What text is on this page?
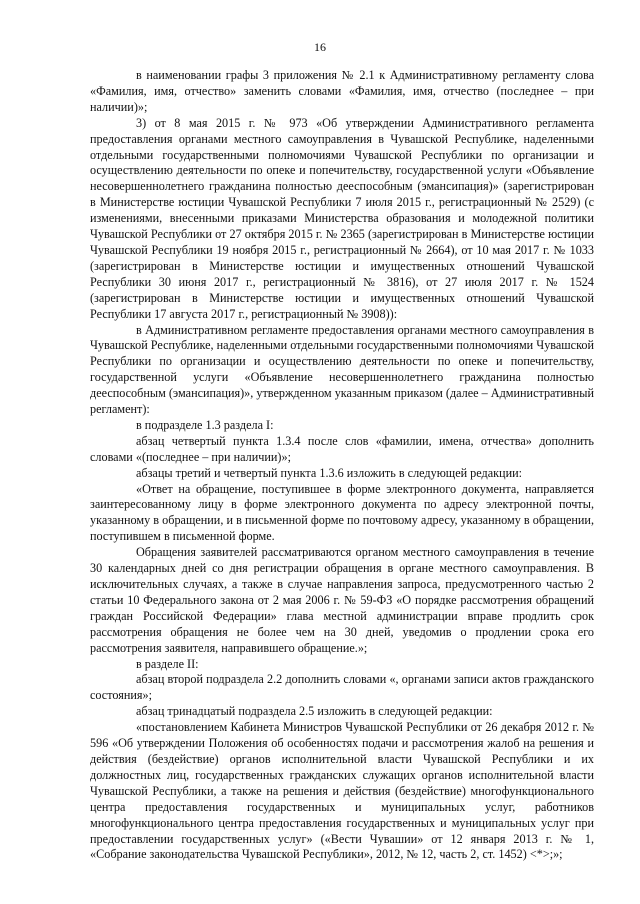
16

в наименовании графы 3 приложения № 2.1 к Административному регламенту слова «Фамилия, имя, отчество» заменить словами «Фамилия, имя, отчество (последнее – при наличии)»;

3) от 8 мая 2015 г. № 973 «Об утверждении Административного регламента предоставления органами местного самоуправления в Чувашской Республике, наделенными отдельными государственными полномочиями Чувашской Республики по организации и осуществлению деятельности по опеке и попечительству, государственной услуги «Объявление несовершеннолетнего гражданина полностью дееспособным (эмансипация)» (зарегистрирован в Министерстве юстиции Чувашской Республики 7 июля 2015 г., регистрационный № 2529) (с изменениями, внесенными приказами Министерства образования и молодежной политики Чувашской Республики от 27 октября 2015 г. № 2365 (зарегистрирован в Министерстве юстиции Чувашской Республики 19 ноября 2015 г., регистрационный № 2664), от 10 мая 2017 г. № 1033 (зарегистрирован в Министерстве юстиции и имущественных отношений Чувашской Республики 30 июня 2017 г., регистрационный № 3816), от 27 июля 2017 г. № 1524 (зарегистрирован в Министерстве юстиции и имущественных отношений Чувашской Республики 17 августа 2017 г., регистрационный № 3908)):

в Административном регламенте предоставления органами местного самоуправления в Чувашской Республике, наделенными отдельными государственными полномочиями Чувашской Республики по организации и осуществлению деятельности по опеке и попечительству, государственной услуги «Объявление несовершеннолетнего гражданина полностью дееспособным (эмансипация)», утвержденном указанным приказом (далее – Административный регламент):

в подразделе 1.3 раздела I:

абзац четвертый пункта 1.3.4 после слов «фамилии, имена, отчества» дополнить словами «(последнее – при наличии)»;

абзацы третий и четвертый пункта 1.3.6 изложить в следующей редакции:

«Ответ на обращение, поступившее в форме электронного документа, направляется заинтересованному лицу в форме электронного документа по адресу электронной почты, указанному в обращении, и в письменной форме по почтовому адресу, указанному в обращении, поступившем в письменной форме.

Обращения заявителей рассматриваются органом местного самоуправления в течение 30 календарных дней со дня регистрации обращения в органе местного самоуправления. В исключительных случаях, а также в случае направления запроса, предусмотренного частью 2 статьи 10 Федерального закона от 2 мая 2006 г. № 59-ФЗ «О порядке рассмотрения обращений граждан Российской Федерации» глава местной администрации вправе продлить срок рассмотрения обращения не более чем на 30 дней, уведомив о продлении срока его рассмотрения заявителя, направившего обращение.»;

в разделе II:

абзац второй подраздела 2.2 дополнить словами «, органами записи актов гражданского состояния»;

абзац тринадцатый подраздела 2.5 изложить в следующей редакции:

«постановлением Кабинета Министров Чувашской Республики от 26 декабря 2012 г. № 596 «Об утверждении Положения об особенностях подачи и рассмотрения жалоб на решения и действия (бездействие) органов исполнительной власти Чувашской Республики и их должностных лиц, государственных гражданских служащих органов исполнительной власти Чувашской Республики, а также на решения и действия (бездействие) многофункционального центра предоставления государственных и муниципальных услуг, работников многофункционального центра предоставления государственных и муниципальных услуг при предоставлении государственных услуг» («Вести Чувашии» от 12 января 2013 г. № 1, «Собрание законодательства Чувашской Республики», 2012, № 12, часть 2, ст. 1452) <*>;»;
